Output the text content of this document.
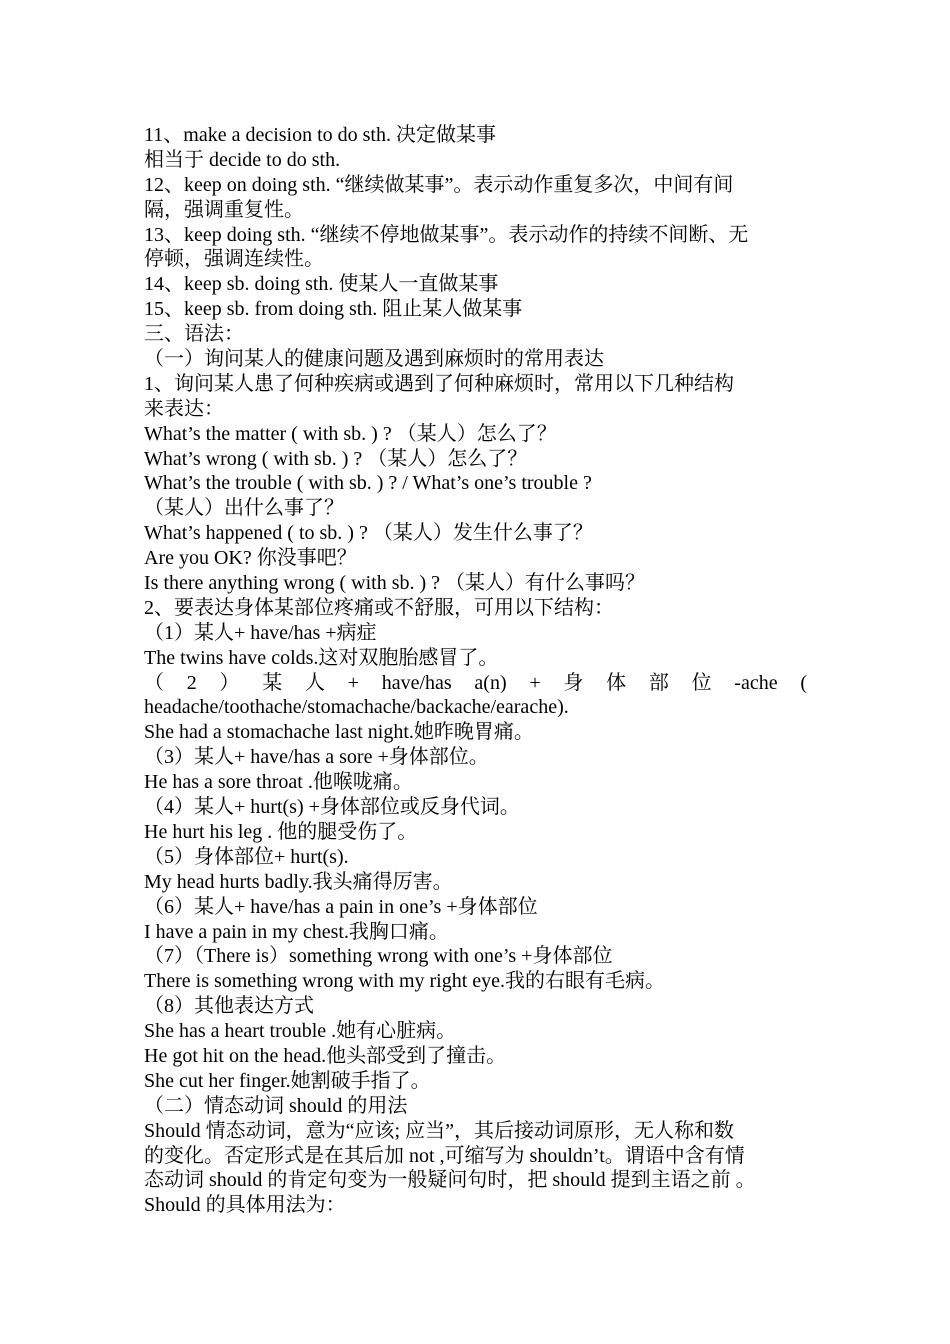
11、make a decision to do sth. 决定做某事
相当于 decide to do sth.
12、keep on doing sth. “继续做某事”。表示动作重复多次，中间有间
隔，强调重复性。
13、keep doing sth. “继续不停地做某事”。表示动作的持续不间断、无
停顿，强调连续性。
14、keep sb. doing sth. 使某人一直做某事
15、keep sb. from doing sth. 阻止某人做某事
三、语法：
（一）询问某人的健康问题及遇到麻烦时的常用表达
1、询问某人患了何种疾病或遇到了何种麻烦时，常用以下几种结构
来表达：
What’s the matter ( with sb. ) ? （某人）怎么了？
What’s wrong ( with sb. ) ? （某人）怎么了？
What’s the trouble ( with sb. ) ? / What’s one’s trouble ?
（某人）出什么事了？
What’s happened ( to sb. ) ? （某人）发生什么事了？
Are you OK? 你没事吧？
Is there anything wrong ( with sb. ) ? （某人）有什么事吗？
2、要表达身体某部位疼痛或不舒服，可用以下结构：
（1）某人+ have/has +病症
The twins have colds.这对双胞胎感冒了。
（ 2 ） 某 人 + have/has a(n) + 身 体 部 位 -ache (
headache/toothache/stomachache/backache/earache).
She had a stomachache last night.她昨晚胃痛。
（3）某人+ have/has a sore +身体部位。
He has a sore throat .他喉咙痛。
（4）某人+ hurt(s) +身体部位或反身代词。
He hurt his leg . 他的腿受伤了。
（5）身体部位+ hurt(s).
My head hurts badly.我头痛得厉害。
（6）某人+ have/has a pain in one’s +身体部位
I have a pain in my chest.我胸口痛。
（7）（There is）something wrong with one’s +身体部位
There is something wrong with my right eye.我的右眼有毛病。
（8）其他表达方式
She has a heart trouble .她有心脏病。
He got hit on the head.他头部受到了撞击。
She cut her finger.她割破手指了。
（二）情态动词 should 的用法
Should 情态动词，意为“应该; 应当”，其后接动词原形，无人称和数
的变化。否定形式是在其后加 not ,可缩写为 shouldn’t。谓语中含有情
态动词 should 的肯定句变为一般疑问句时，把 should 提到主语之前 。
Should 的具体用法为：
